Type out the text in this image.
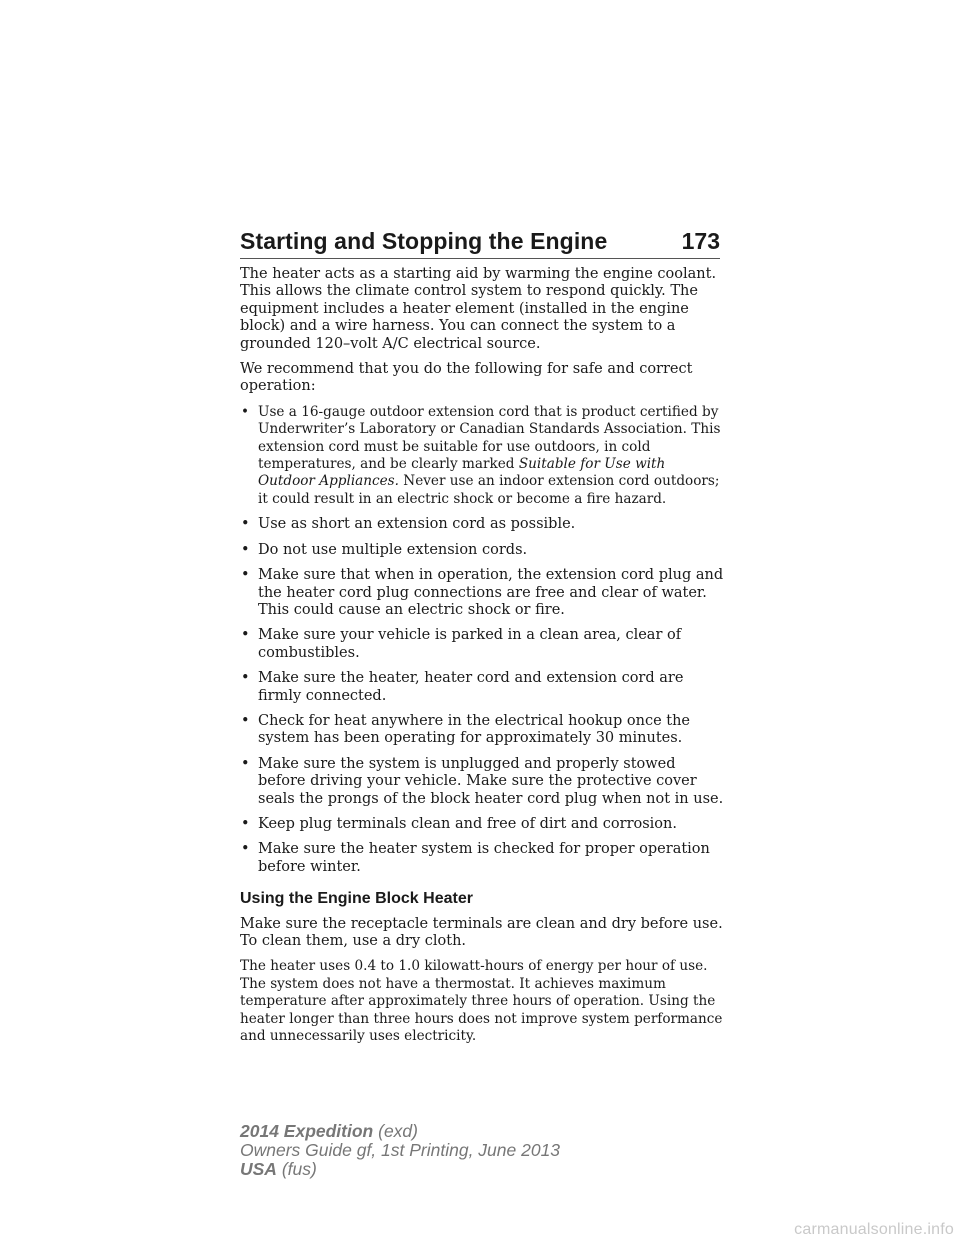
Starting and Stopping the Engine	173

The heater acts as a starting aid by warming the engine coolant. This allows the climate control system to respond quickly. The equipment includes a heater element (installed in the engine block) and a wire harness. You can connect the system to a grounded 120–volt A/C electrical source.

We recommend that you do the following for safe and correct operation:

• Use a 16-gauge outdoor extension cord that is product certified by Underwriter’s Laboratory or Canadian Standards Association. This extension cord must be suitable for use outdoors, in cold temperatures, and be clearly marked Suitable for Use with Outdoor Appliances. Never use an indoor extension cord outdoors; it could result in an electric shock or become a fire hazard.
• Use as short an extension cord as possible.
• Do not use multiple extension cords.
• Make sure that when in operation, the extension cord plug and the heater cord plug connections are free and clear of water. This could cause an electric shock or fire.
• Make sure your vehicle is parked in a clean area, clear of combustibles.
• Make sure the heater, heater cord and extension cord are firmly connected.
• Check for heat anywhere in the electrical hookup once the system has been operating for approximately 30 minutes.
• Make sure the system is unplugged and properly stowed before driving your vehicle. Make sure the protective cover seals the prongs of the block heater cord plug when not in use.
• Keep plug terminals clean and free of dirt and corrosion.
• Make sure the heater system is checked for proper operation before winter.
Using the Engine Block Heater

Make sure the receptacle terminals are clean and dry before use.
To clean them, use a dry cloth.

The heater uses 0.4 to 1.0 kilowatt-hours of energy per hour of use. The system does not have a thermostat. It achieves maximum temperature after approximately three hours of operation. Using the heater longer than three hours does not improve system performance and unnecessarily uses electricity.

2014 Expedition (exd)
Owners Guide gf, 1st Printing, June 2013
USA (fus)
carmanualsonline.info
